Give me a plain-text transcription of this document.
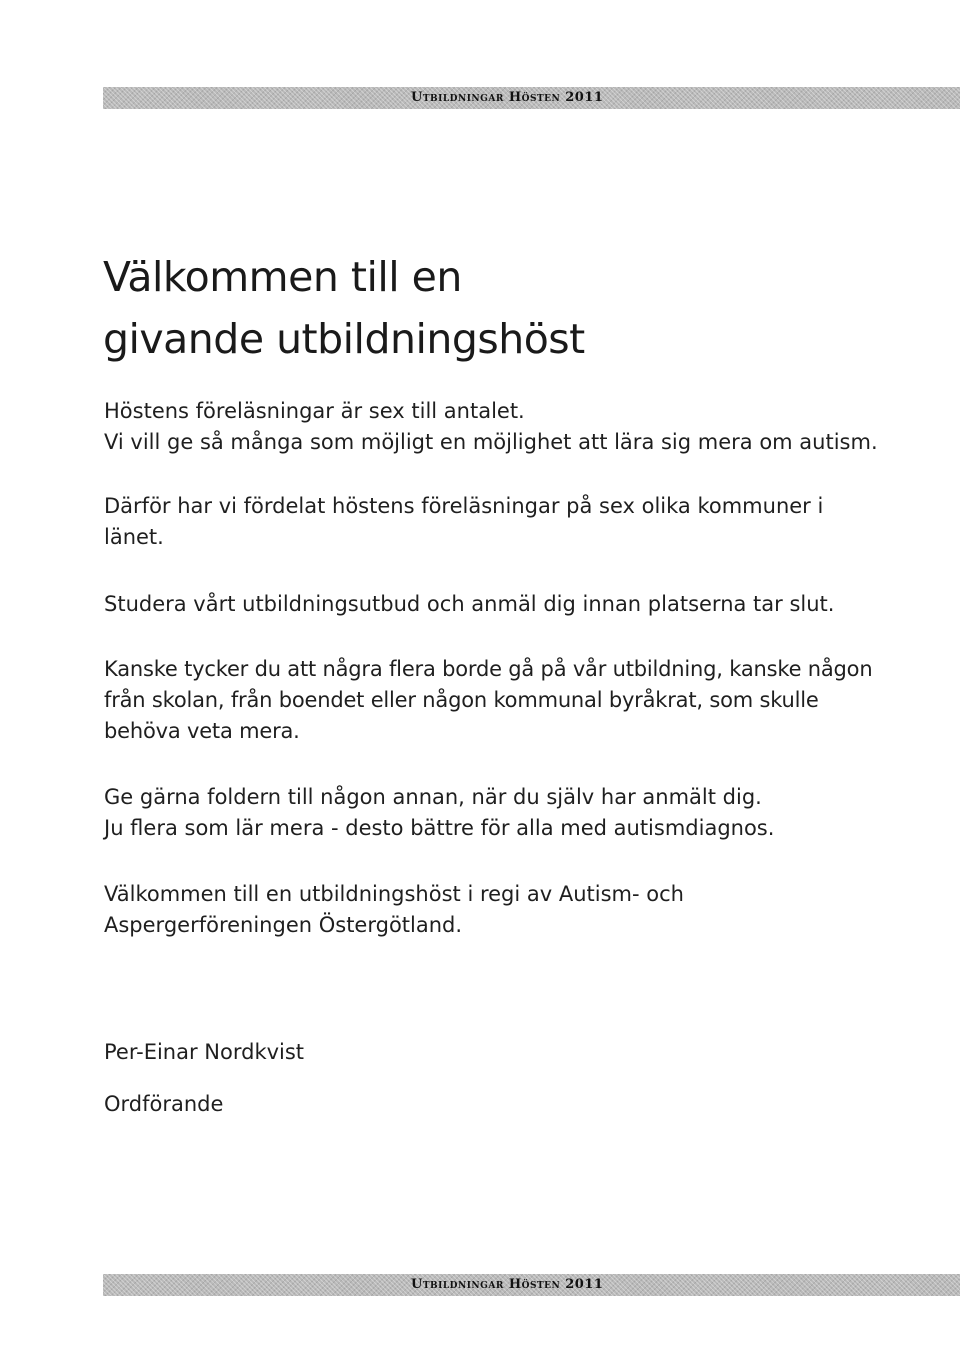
Utbildningar Hösten 2011
Välkommen till en
givande utbildningshöst
Höstens föreläsningar är sex till antalet.
Vi vill ge så många som möjligt en möjlighet att lära sig mera om autism.
Därför har vi fördelat höstens föreläsningar på sex olika kommuner i
länet.
Studera vårt utbildningsutbud och anmäl dig innan platserna tar slut.
Kanske tycker du att några flera borde gå på vår utbildning, kanske någon
från skolan, från boendet eller någon kommunal byråkrat, som skulle
behöva veta mera.
Ge gärna foldern till någon annan, när du själv har anmält dig.
Ju flera som lär mera - desto bättre för alla med autismdiagnos.
Välkommen till en utbildningshöst i regi av Autism- och
Aspergerföreningen Östergötland.
Per-Einar Nordkvist
Ordförande
Utbildningar Hösten 2011
